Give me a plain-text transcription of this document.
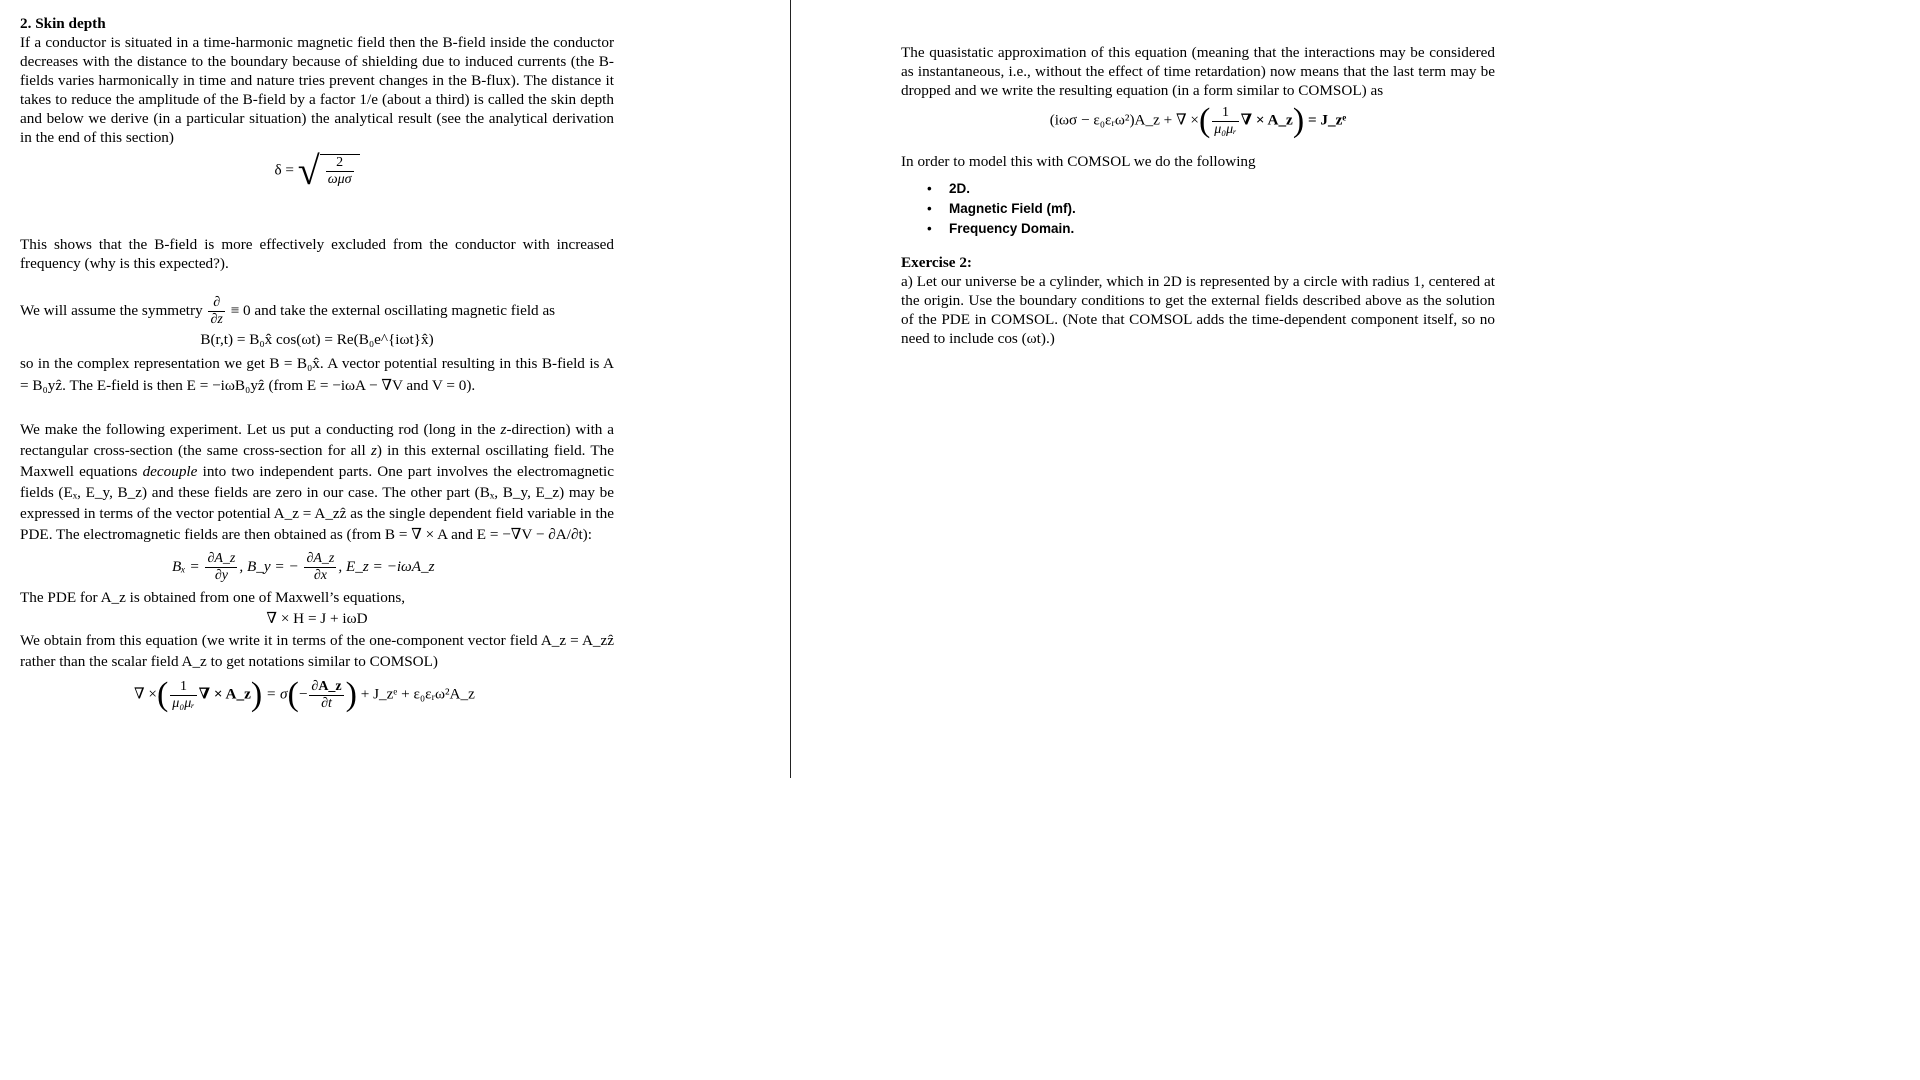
2. Skin depth

If a conductor is situated in a time-harmonic magnetic field then the B-field inside the conductor decreases with the distance to the boundary because of shielding due to induced currents (the B-fields varies harmonically in time and nature tries prevent changes in the B-flux). The distance it takes to reduce the amplitude of the B-field by a factor 1/e (about a third) is called the skin depth and below we derive (in a particular situation) the analytical result (see the analytical derivation in the end of this section)

δ = √ $\frac{2}{\text{ωμσ}}$

This shows that the B-field is more effectively excluded from the conductor with increased frequency (why is this expected?).

We will assume the symmetry $\frac{\partial}{\partial z} \equiv 0$ and take the external oscillating magnetic field as

B(r,t) = B₀x̂ cos(ωt) = Re(B₀e^{iωt}x̂)

so in the complex representation we get B = B₀x̂. A vector potential resulting in this B-field is A = B₀yẑ. The E-field is then E = −iωB₀yẑ (from E = −iωA − ∇V and V = 0).

We make the following experiment. Let us put a conducting rod (long in the z-direction) with a rectangular cross-section (the same cross-section for all z) in this external oscillating field. The Maxwell equations decouple into two independent parts. One part involves the electromagnetic fields (Eₓ, E_y, B_z) and these fields are zero in our case. The other part (Bₓ, B_y, E_z) may be expressed in terms of the vector potential A_z = A_zẑ as the single dependent field variable in the PDE. The electromagnetic fields are then obtained as (from B = ∇ × A and E = −∇V − ∂A/∂t):

$B_x = \frac{\partial A\_z}{\partial y}$ , B_y = − $\frac{\partial A\_z}{\partial x}$ , E_z = −iωA_z

The PDE for A_z is obtained from one of Maxwell’s equations,

∇ × H = J + iωD

We obtain from this equation (we write it in terms of the one-component vector field A_z = A_zẑ rather than the scalar field A_z to get notations similar to COMSOL)

∇ ×( $\frac{1}{\text{μ₀μᵣ}}$ ∇ × A_z) = $\sigma(- \frac{\partial A\_z}{\partial t}$ ) + J_zᵉ + ε₀εᵣω²A_z

The quasistatic approximation of this equation (meaning that the interactions may be considered as instantaneous, i.e., without the effect of time retardation) now means that the last term may be dropped and we write the resulting equation (in a form similar to COMSOL) as

(iωσ − ε₀εᵣω²)A_z + ∇ ×( $\frac{1}{\text{μ₀μᵣ}}$ ∇ × A_z) = J_zᵉ

In order to model this with COMSOL we do the following

• 2D.
• Magnetic Field (mf).
• Frequency Domain.

Exercise 2:

a) Let our universe be a cylinder, which in 2D is represented by a circle with radius 1, centered at the origin. Use the boundary conditions to get the external fields described above as the solution of the PDE in COMSOL. (Note that COMSOL adds the time-dependent component itself, so no need to include cos (ωt).)
